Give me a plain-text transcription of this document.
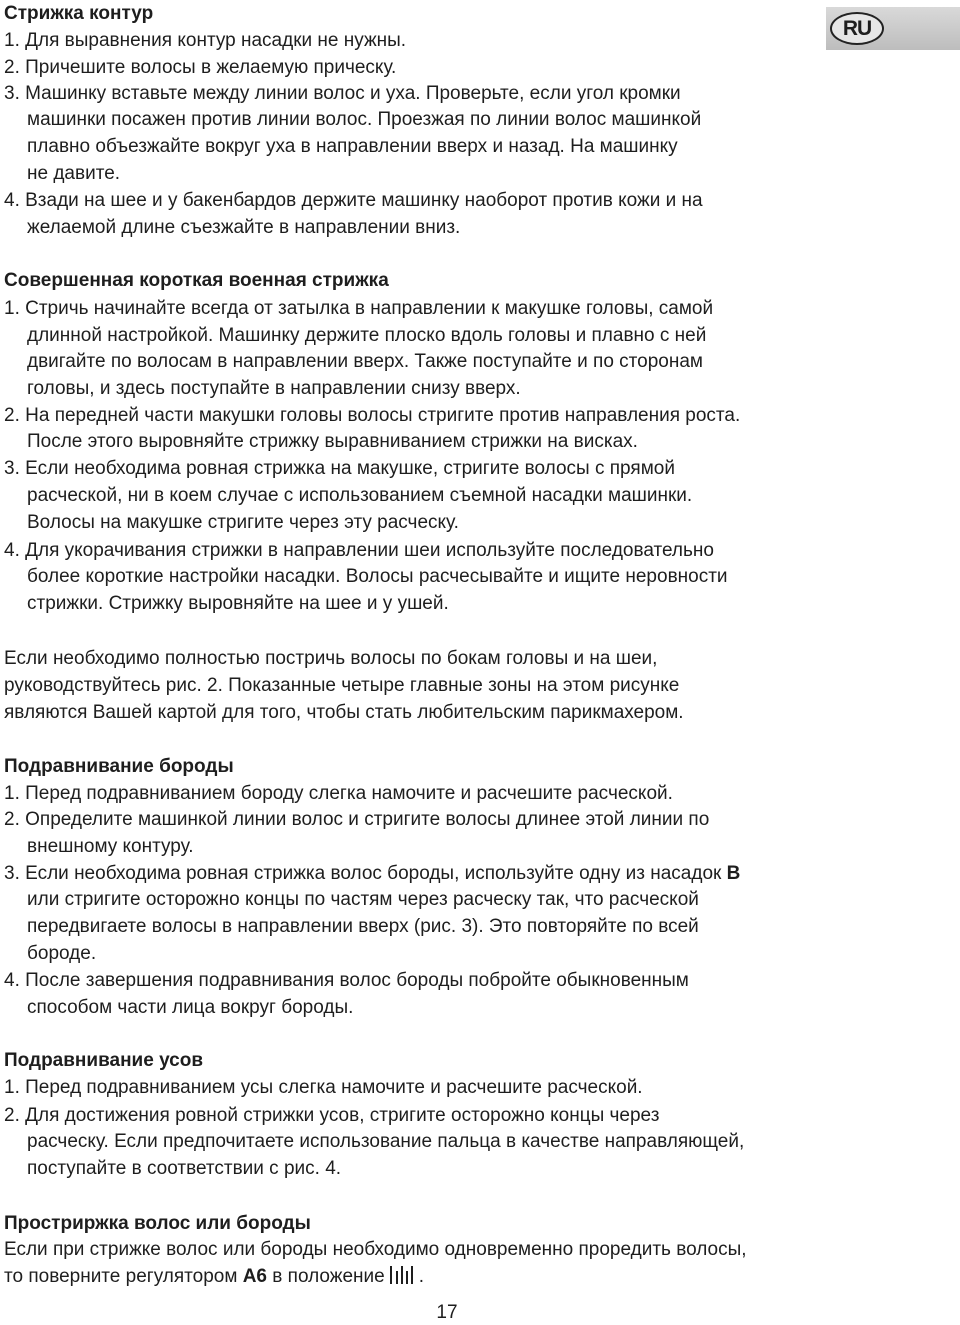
RU
Стрижка контур
1. Для выравнения контур насадки не нужны.
2. Причешите волосы в желаемую прическу.
3. Машинку вставьте между линии волос и уха. Проверьте, если угол кромки
машинки посажен против линии волос. Проезжая по линии волос машинкой
плавно объезжайте вокруг уха в направлении вверх и назад. На машинку
не давите.
4. Взади на шее и у бакенбардов держите машинку наоборот против кожи и на
желаемой длине съезжайте в направлении вниз.
Совершенная короткая военная стрижка
1. Стричь начинайте всегда от затылка в направлении к макушке головы, самой
длинной настройкой. Машинку держите плоско вдоль головы и плавно с ней
двигайте по волосам в направлении вверх. Также поступайте и по сторонам
головы, и здесь поступайте в направлении снизу вверх.
2. На передней части макушки головы волосы стригите против направления роста.
После этого выровняйте стрижку выравниванием стрижки на висках.
3. Если необходима ровная стрижка на макушке, стригите волосы с прямой
расческой, ни в коем случае с использованием съемной насадки машинки.
Волосы на макушке стригите через эту расческу.
4. Для укорачивания стрижки в направлении шеи используйте последовательно
более короткие настройки насадки. Волосы расчесывайте и ищите неровности
стрижки. Стрижку выровняйте на шее и у ушей.
Если необходимо полностью постричь волосы по бокам головы и на шеи,
руководствуйтесь рис. 2. Показанные четыре главные зоны на этом рисунке
являются Вашей картой для того, чтобы стать любительским парикмахером.
Подравнивание бороды
1. Перед подравниванием бороду слегка намочите и расчешите расческой.
2. Определите машинкой линии волос и стригите волосы длинее этой линии по
внешному контуру.
3. Если необходима ровная стрижка волос бороды, используйте одну из насадок B
или стригите осторожно концы по частям через расческу так, что расческой
передвигаете волосы в направлении вверх (рис. 3). Это повторяйте по всей
бороде.
4. После завершения подравнивания волос бороды побройте обыкновенным
способом части лица вокруг бороды.
Подравнивание усов
1. Перед подравниванием усы слегка намочите и расчешите расческой.
2. Для достижения ровной стрижки усов, стригите осторожно концы через
расческу. Если предпочитаете использование пальца в качестве направляющей,
поступайте в соответствии с рис. 4.
Простриржка волос или бороды
Если при стрижке волос или бороды необходимо одновременно проредить волосы,
то поверните регулятором A6 в положение .
17
